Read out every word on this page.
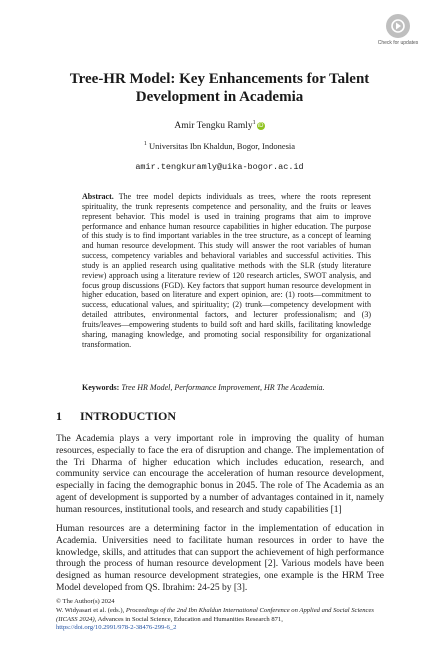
Check for updates
Tree-HR Model: Key Enhancements for Talent Development in Academia
Amir Tengku Ramly$^1$iD
$^1$ Universitas Ibn Khaldun, Bogor, Indonesia
amir.tengkuramly@uika-bogor.ac.id

Abstract. The tree model depicts individuals as trees, where the roots represent spirituality, the trunk represents competence and personality, and the fruits or leaves represent behavior. This model is used in training programs that aim to improve performance and enhance human resource capabilities in higher education. The purpose of this study is to find important variables in the tree structure, as a concept of learning and human resource development. This study will answer the root variables of human success, competency variables and behavioral variables and successful activities. This study is an applied research using qualitative methods with the SLR (study literature review) approach using a literature review of 120 research articles, SWOT analysis, and focus group discussions (FGD). Key factors that support human resource development in higher education, based on literature and expert opinion, are: (1) roots—commitment to success, educational values, and spirituality; (2) trunk—competency development with detailed attributes, environmental factors, and lecturer professionalism; and (3) fruits/leaves—empowering students to build soft and hard skills, facilitating knowledge sharing, managing knowledge, and promoting social responsibility for organizational transformation.

Keywords: Tree HR Model, Performance Improvement, HR The Academia.

1 INTRODUCTION

The Academia plays a very important role in improving the quality of human resources, especially to face the era of disruption and change. The implementation of the Tri Dharma of higher education which includes education, research, and community service can encourage the acceleration of human resource development, especially in facing the demographic bonus in 2045. The role of The Academia as an agent of development is supported by a number of advantages contained in it, namely human resources, institutional tools, and research and study capabilities [1]

Human resources are a determining factor in the implementation of education in Academia. Universities need to facilitate human resources in order to have the knowledge, skills, and attitudes that can support the achievement of high performance through the process of human resource development [2]. Various models have been designed as human resource development strategies, one example is the HRM Tree Model developed from QS. Ibrahim: 24-25 by [3].

© The Author(s) 2024
W. Widyasari et al. (eds.), Proceedings of the 2nd Ibn Khaldun International Conference on Applied and Social Sciences (IICASS 2024), Advances in Social Science, Education and Humanities Research 871,
https://doi.org/10.2991/978-2-38476-299-6_2
